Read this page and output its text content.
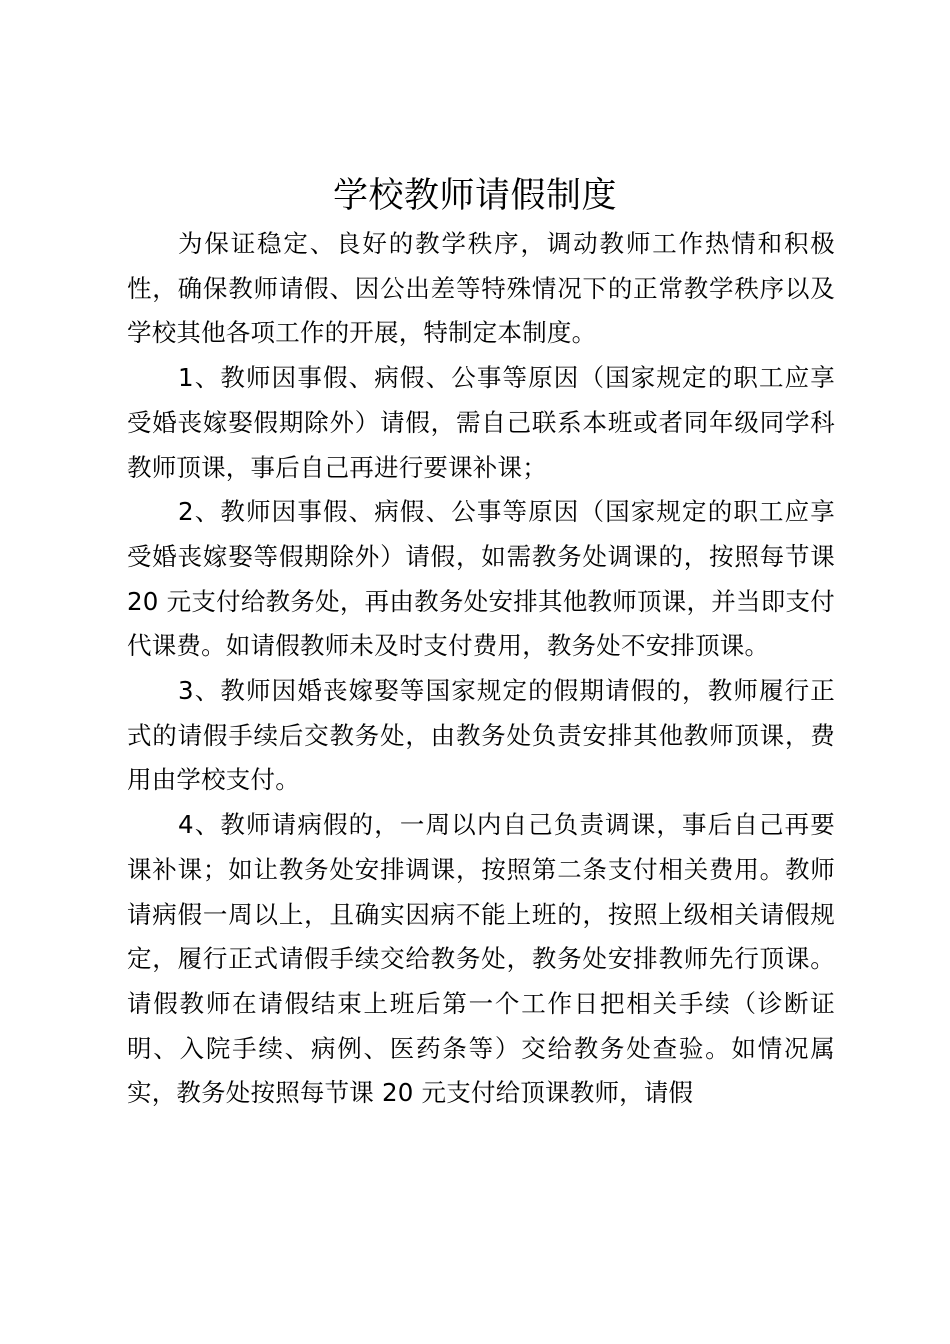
学校教师请假制度

为保证稳定、良好的教学秩序，调动教师工作热情和积极性，确保教师请假、因公出差等特殊情况下的正常教学秩序以及学校其他各项工作的开展，特制定本制度。

1、教师因事假、病假、公事等原因（国家规定的职工应享受婚丧嫁娶假期除外）请假，需自己联系本班或者同年级同学科教师顶课，事后自己再进行要课补课；

2、教师因事假、病假、公事等原因（国家规定的职工应享受婚丧嫁娶等假期除外）请假，如需教务处调课的，按照每节课 20 元支付给教务处，再由教务处安排其他教师顶课，并当即支付代课费。如请假教师未及时支付费用，教务处不安排顶课。

3、教师因婚丧嫁娶等国家规定的假期请假的，教师履行正式的请假手续后交教务处，由教务处负责安排其他教师顶课，费用由学校支付。

4、教师请病假的，一周以内自己负责调课，事后自己再要课补课；如让教务处安排调课，按照第二条支付相关费用。教师请病假一周以上，且确实因病不能上班的，按照上级相关请假规定，履行正式请假手续交给教务处，教务处安排教师先行顶课。请假教师在请假结束上班后第一个工作日把相关手续（诊断证明、入院手续、病例、医药条等）交给教务处查验。如情况属实，教务处按照每节课 20 元支付给顶课教师，请假
